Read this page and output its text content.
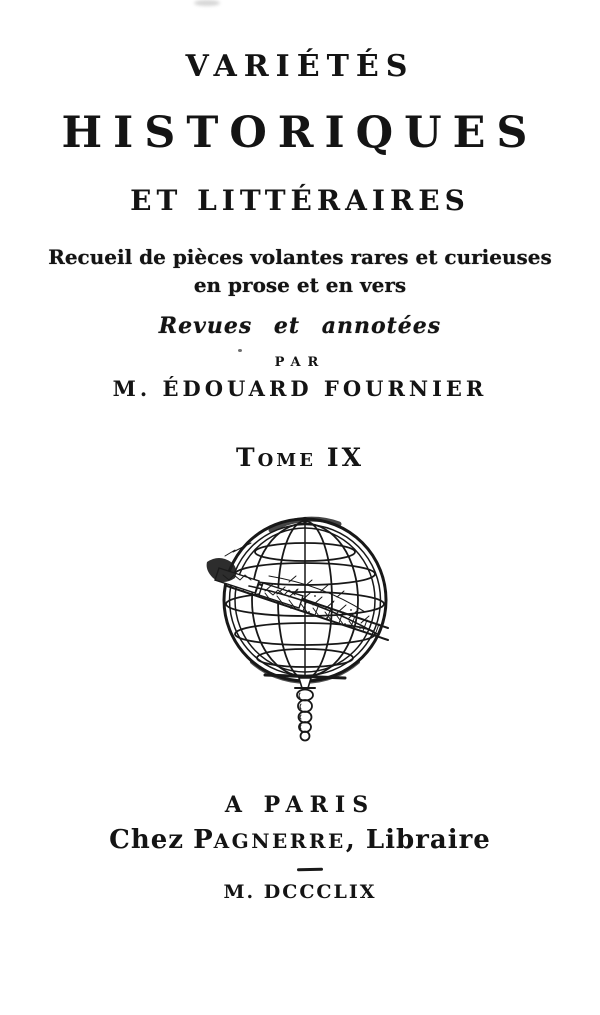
VARIÉTÉS
HISTORIQUES
ET LITTÉRAIRES
Recueil de pièces volantes rares et curieuses
en prose et en vers
Revues et annotées
PAR
M. ÉDOUARD FOURNIER
TOME IX
A PARIS
Chez PAGNERRE, Libraire
M. DCCCLIX
